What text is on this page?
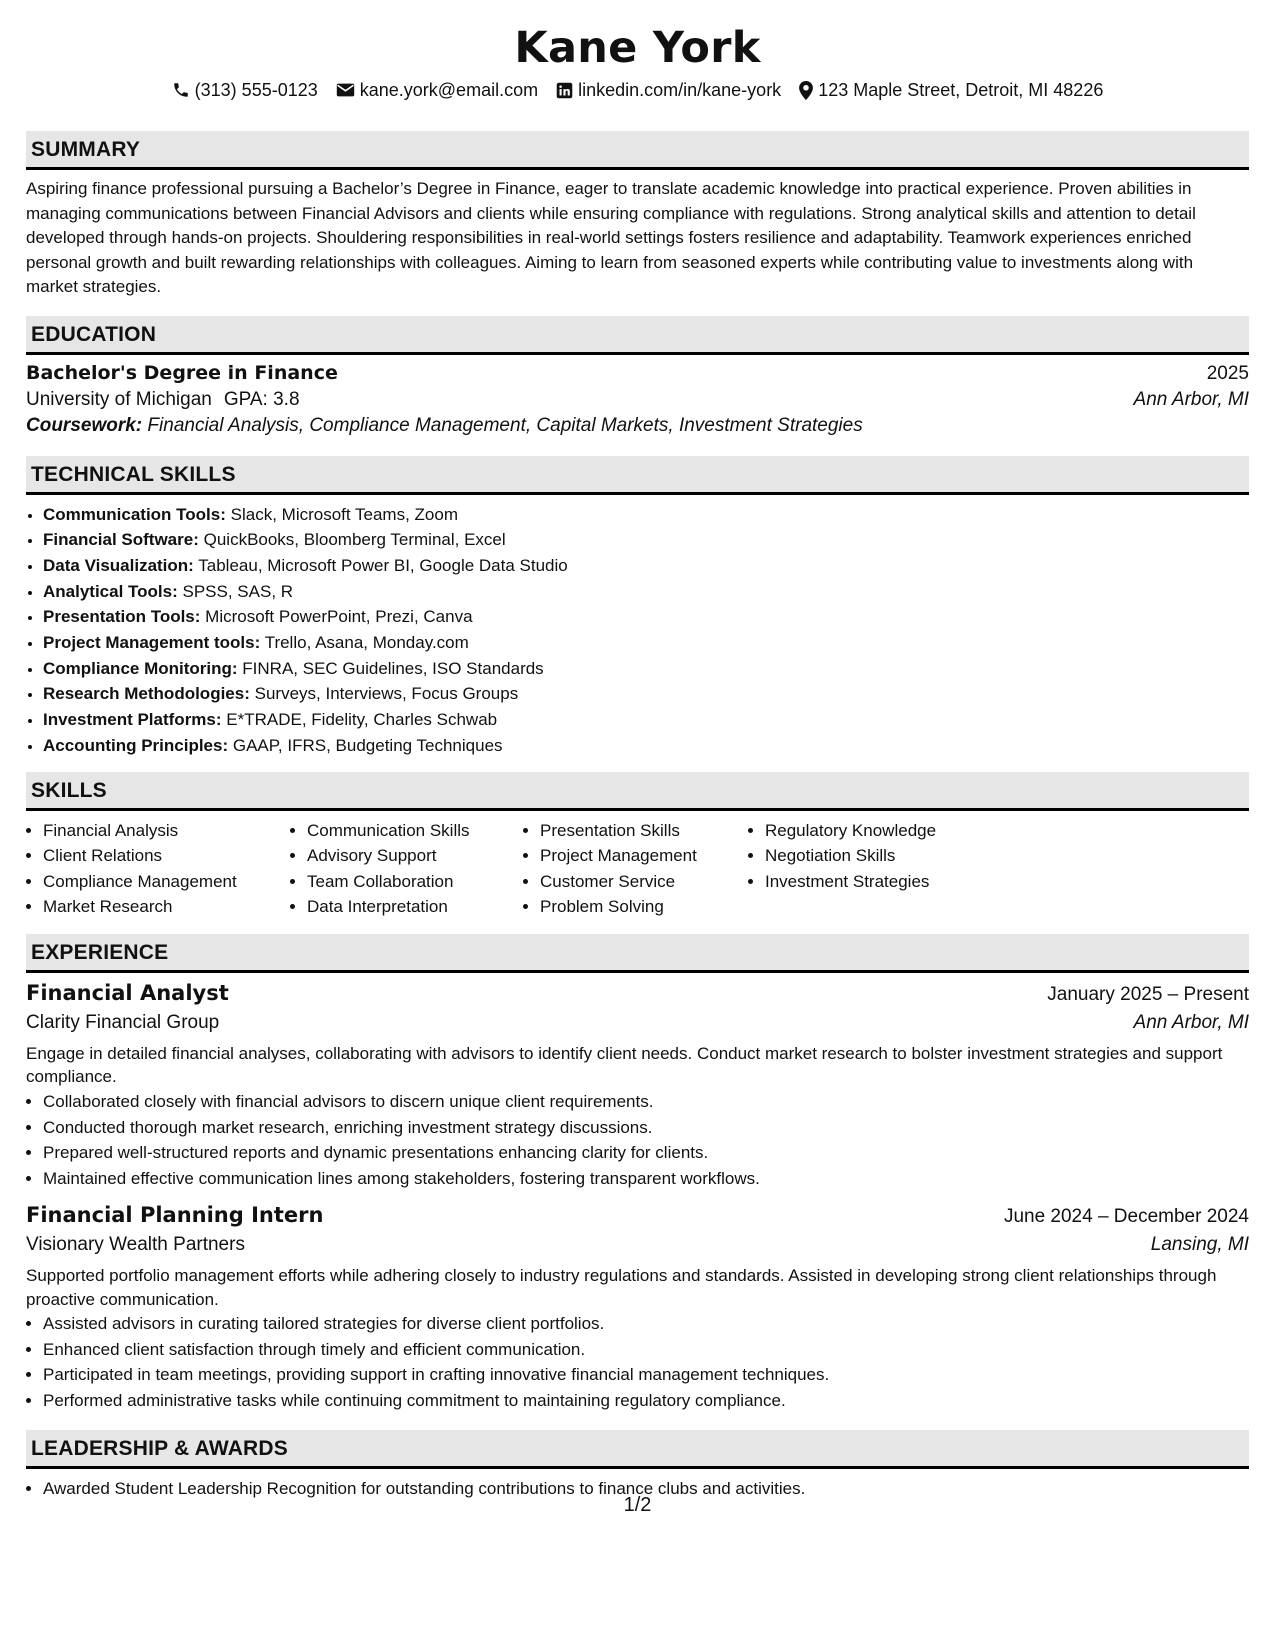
Kane York
(313) 555-0123 kane.york@email.com linkedin.com/in/kane-york 123 Maple Street, Detroit, MI 48226
SUMMARY
Aspiring finance professional pursuing a Bachelor’s Degree in Finance, eager to translate academic knowledge into practical experience. Proven abilities in managing communications between Financial Advisors and clients while ensuring compliance with regulations. Strong analytical skills and attention to detail developed through hands-on projects. Shouldering responsibilities in real-world settings fosters resilience and adaptability. Teamwork experiences enriched personal growth and built rewarding relationships with colleagues. Aiming to learn from seasoned experts while contributing value to investments along with market strategies.
EDUCATION
Bachelor's Degree in Finance	2025
University of Michigan GPA: 3.8	Ann Arbor, MI
Coursework: Financial Analysis, Compliance Management, Capital Markets, Investment Strategies
TECHNICAL SKILLS
• Communication Tools: Slack, Microsoft Teams, Zoom
• Financial Software: QuickBooks, Bloomberg Terminal, Excel
• Data Visualization: Tableau, Microsoft Power BI, Google Data Studio
• Analytical Tools: SPSS, SAS, R
• Presentation Tools: Microsoft PowerPoint, Prezi, Canva
• Project Management tools: Trello, Asana, Monday.com
• Compliance Monitoring: FINRA, SEC Guidelines, ISO Standards
• Research Methodologies: Surveys, Interviews, Focus Groups
• Investment Platforms: E*TRADE, Fidelity, Charles Schwab
• Accounting Principles: GAAP, IFRS, Budgeting Techniques
SKILLS
• Financial Analysis
• Client Relations
• Compliance Management
• Market Research
• Communication Skills
• Advisory Support
• Team Collaboration
• Data Interpretation
• Presentation Skills
• Project Management
• Customer Service
• Problem Solving
• Regulatory Knowledge
• Negotiation Skills
• Investment Strategies
EXPERIENCE
Financial Analyst	January 2025 – Present
Clarity Financial Group	Ann Arbor, MI
Engage in detailed financial analyses, collaborating with advisors to identify client needs. Conduct market research to bolster investment strategies and support compliance.
• Collaborated closely with financial advisors to discern unique client requirements.
• Conducted thorough market research, enriching investment strategy discussions.
• Prepared well-structured reports and dynamic presentations enhancing clarity for clients.
• Maintained effective communication lines among stakeholders, fostering transparent workflows.
Financial Planning Intern	June 2024 – December 2024
Visionary Wealth Partners	Lansing, MI
Supported portfolio management efforts while adhering closely to industry regulations and standards. Assisted in developing strong client relationships through proactive communication.
• Assisted advisors in curating tailored strategies for diverse client portfolios.
• Enhanced client satisfaction through timely and efficient communication.
• Participated in team meetings, providing support in crafting innovative financial management techniques.
• Performed administrative tasks while continuing commitment to maintaining regulatory compliance.
LEADERSHIP & AWARDS
• Awarded Student Leadership Recognition for outstanding contributions to finance clubs and activities.
1/2
